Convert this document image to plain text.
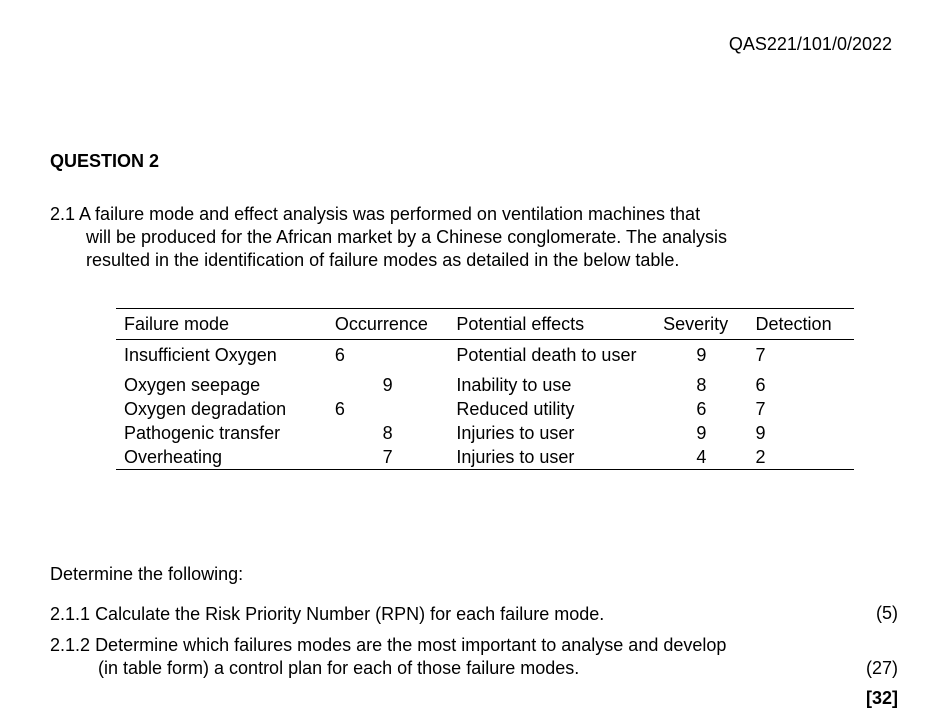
QAS221/101/0/2022
QUESTION 2
2.1 A failure mode and effect analysis was performed on ventilation machines that
will be produced for the African market by a Chinese conglomerate. The analysis
resulted in the identification of failure modes as detailed in the below table.
Failure mode	Occurrence	Potential effects	Severity	Detection
Insufficient Oxygen	6	Potential death to user	9	7
Oxygen seepage	9	Inability to use	8	6
Oxygen degradation	6	Reduced utility	6	7
Pathogenic transfer	8	Injuries to user	9	9
Overheating	7	Injuries to user	4	2
Determine the following:
2.1.1 Calculate the Risk Priority Number (RPN) for each failure mode.	(5)
2.1.2 Determine which failures modes are the most important to analyse and develop
(in table form) a control plan for each of those failure modes.	(27)
[32]
